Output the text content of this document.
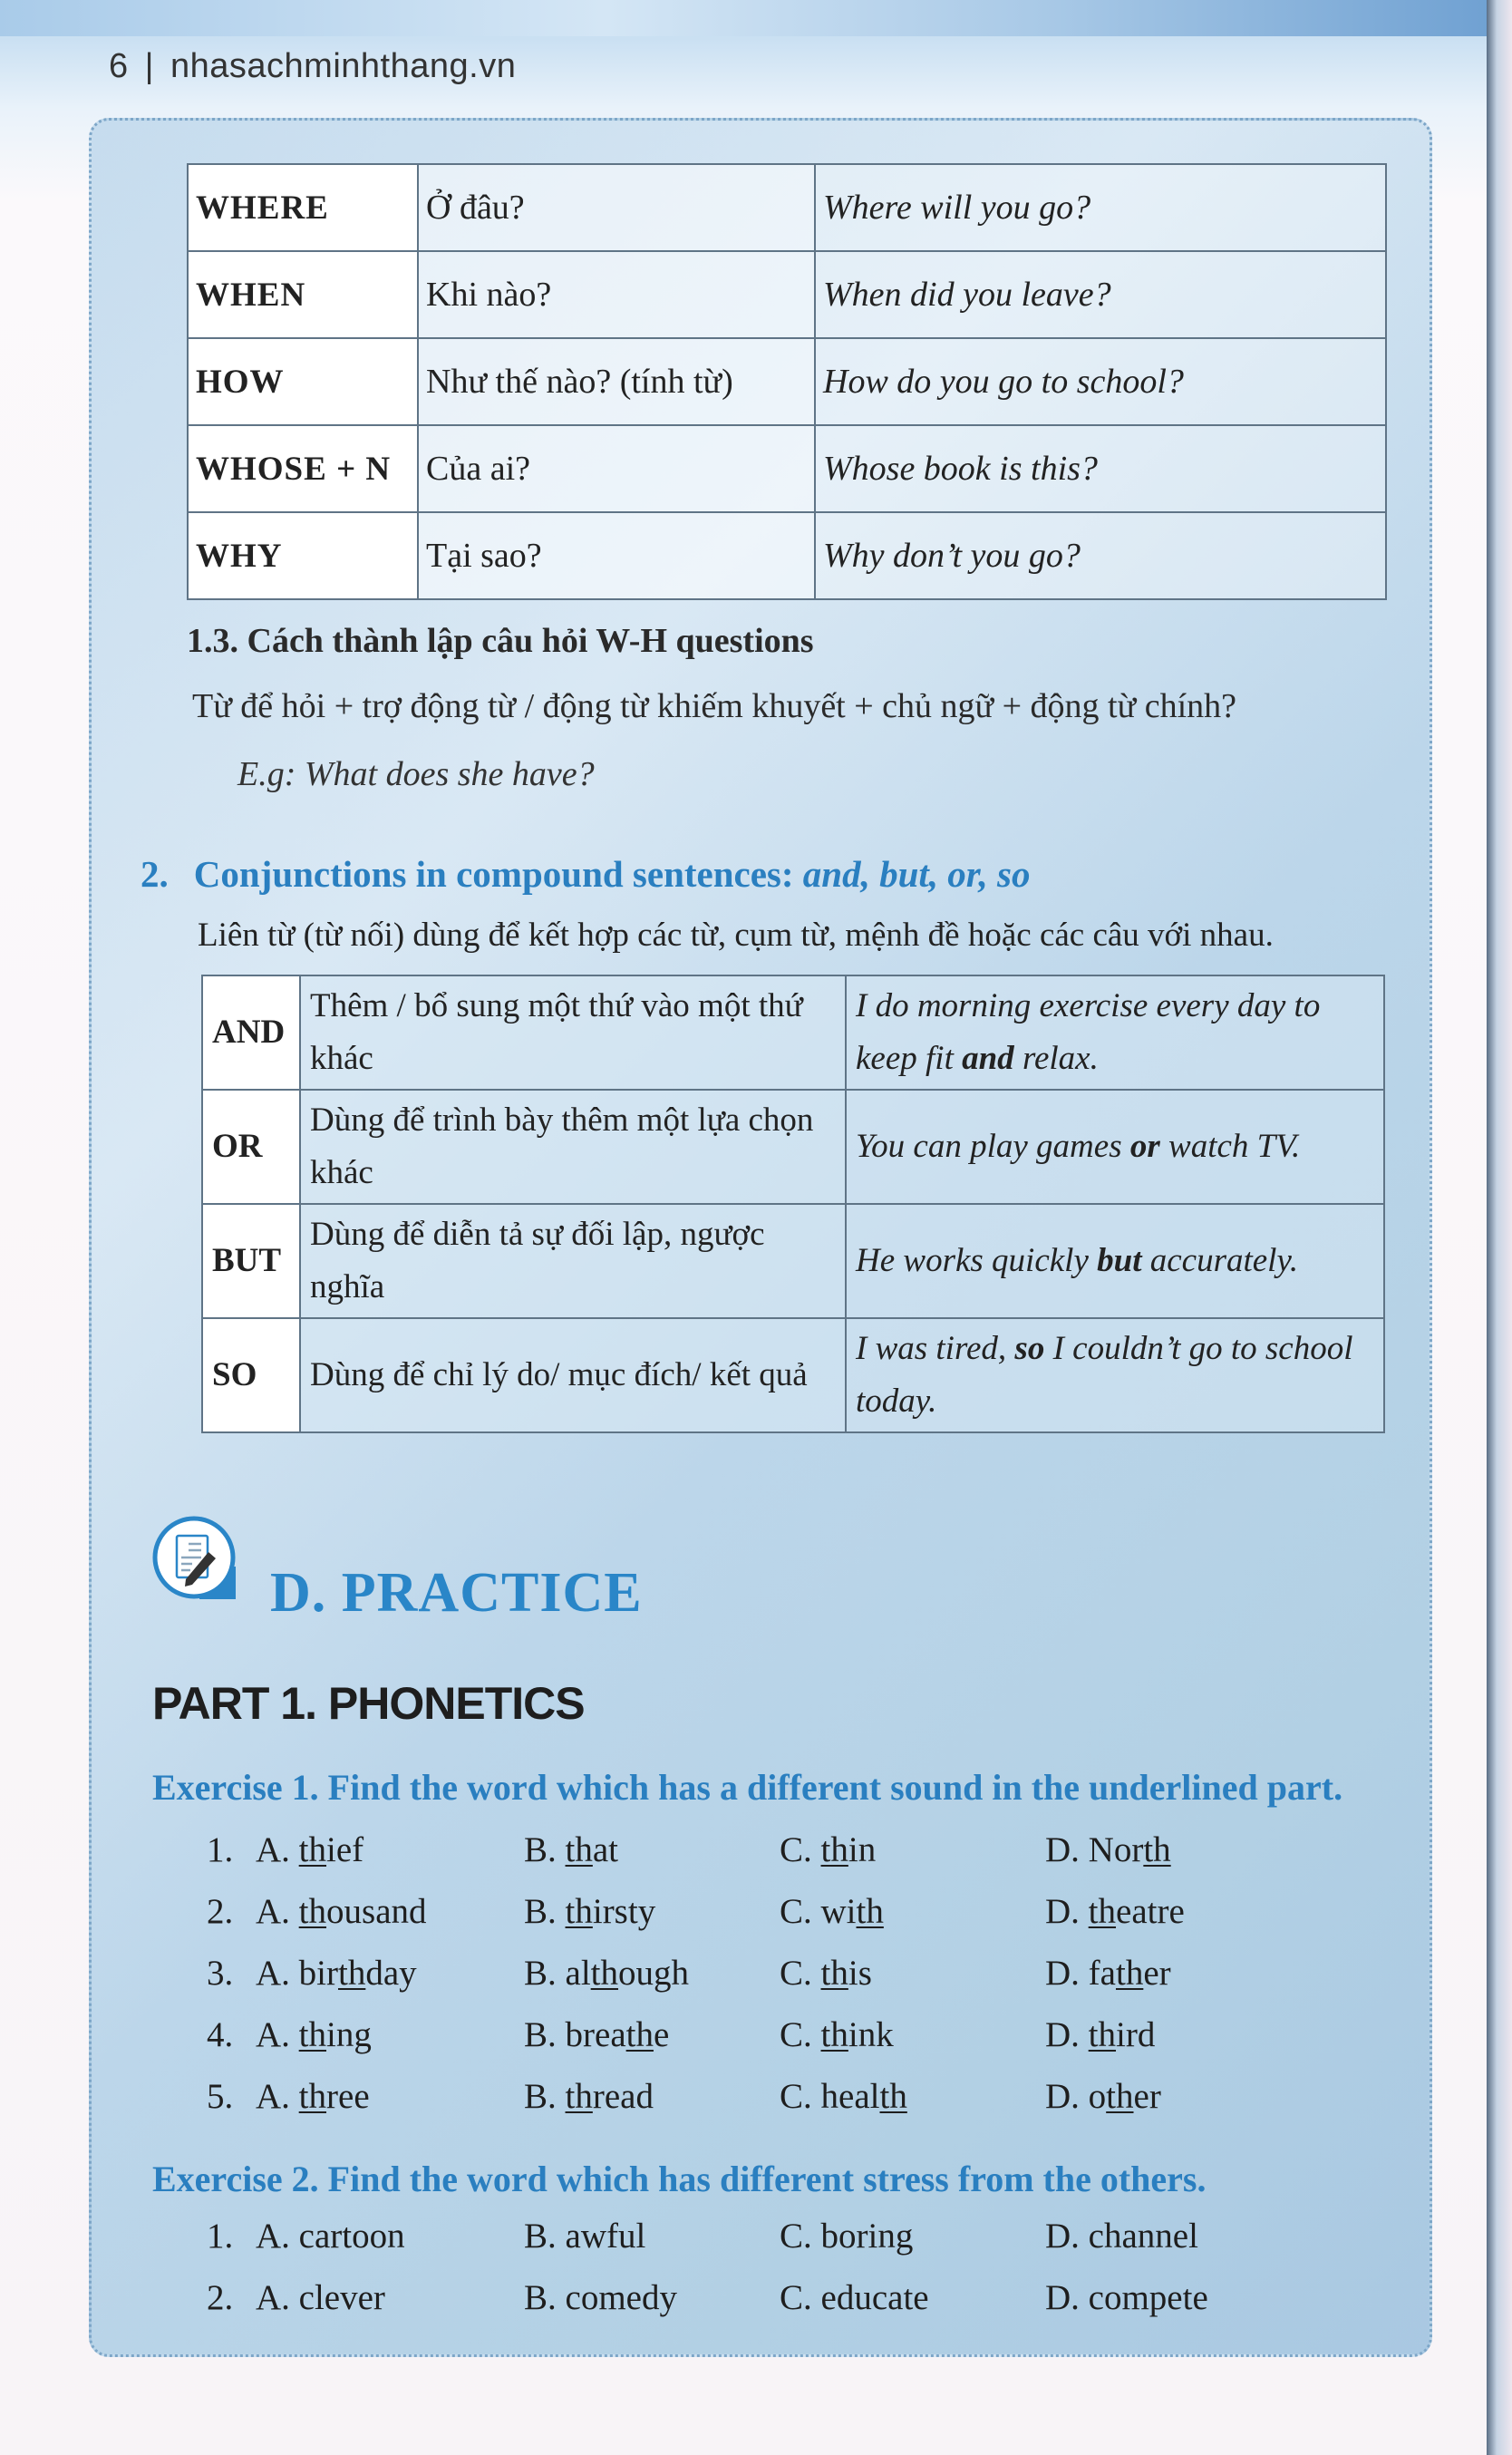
6 | nhasachminhthang.vn
WHERE	Ở đâu?	Where will you go?
WHEN	Khi nào?	When did you leave?
HOW	Như thế nào? (tính từ)	How do you go to school?
WHOSE + N	Của ai?	Whose book is this?
WHY	Tại sao?	Why don’t you go?
1.3. Cách thành lập câu hỏi W-H questions
Từ để hỏi + trợ động từ / động từ khiếm khuyết + chủ ngữ + động từ chính?
E.g: What does she have?
2. Conjunctions in compound sentences: and, but, or, so
Liên từ (từ nối) dùng để kết hợp các từ, cụm từ, mệnh đề hoặc các câu với nhau.
AND	Thêm / bổ sung một thứ vào một thứ khác	I do morning exercise every day to keep fit and relax.
OR	Dùng để trình bày thêm một lựa chọn khác	You can play games or watch TV.
BUT	Dùng để diễn tả sự đối lập, ngược nghĩa	He works quickly but accurately.
SO	Dùng để chỉ lý do/ mục đích/ kết quả	I was tired, so I couldn’t go to school today.
D. PRACTICE
PART 1. PHONETICS
Exercise 1. Find the word which has a different sound in the underlined part.
1. A. thief	B. that	C. thin	D. North
2. A. thousand	B. thirsty	C. with	D. theatre
3. A. birthday	B. although	C. this	D. father
4. A. thing	B. breathe	C. think	D. third
5. A. three	B. thread	C. health	D. other
Exercise 2. Find the word which has different stress from the others.
1. A. cartoon	B. awful	C. boring	D. channel
2. A. clever	B. comedy	C. educate	D. compete
